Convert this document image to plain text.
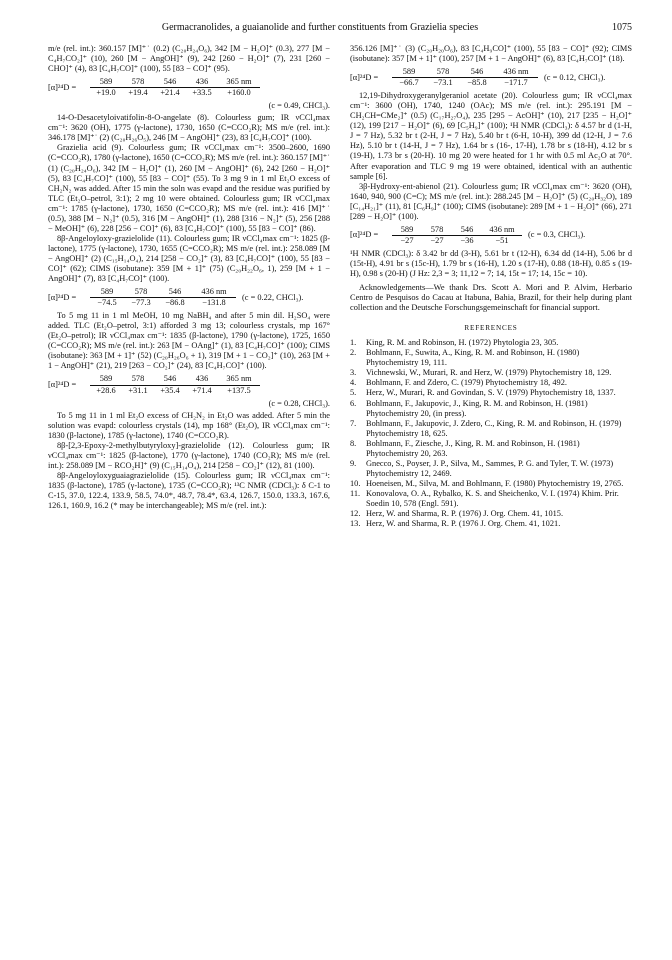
Germacranolides, a guaianolide and further constituents from Grazielia species	1075

m/e (rel. int.): 360.157 [M]⁺˙ (0.2) (C₂₀H₂₄O₆), 342 [M − H₂O]⁺ (0.3), 277 [M − C₄H₇CO₂]⁺ (10), 260 [M − AngOH]⁺ (9), 242 [260 − H₂O]⁺ (7), 231 [260 − CHO]⁺ (4), 83 [C₄H₇CO]⁺ (100), 55 [83 − CO]⁺ (95).

[α]²⁴D =
589	578	546	436	365 nm
+19.0	+19.4	+21.4	+33.5	+160.0

(c = 0.49, CHCl₃).

14-O-Desacetyloivatifolin-8-O-angelate (8). Colourless gum; IR νCCl₄max cm⁻¹: 3620 (OH), 1775 (γ-lactone), 1730, 1650 (C=CCO₂R); MS m/e (rel. int.): 346.178 [M]⁺˙ (2) (C₂₀H₂₆O₅), 246 [M − AngOH]⁺ (23), 83 [C₄H₇CO]⁺ (100).

Grazielia acid (9). Colourless gum; IR νCCl₄max cm⁻¹: 3500–2600, 1690 (C=CCO₂R), 1780 (γ-lactone), 1650 (C=CCO₂R); MS m/e (rel. int.): 360.157 [M]⁺˙ (1) (C₂₀H₂₄O₆), 342 [M − H₂O]⁺ (1), 260 [M − AngOH]⁺ (6), 242 [260 − H₂O]⁺ (5), 83 [C₄H₇CO]⁺ (100), 55 [83 − CO]⁺ (55). To 3 mg 9 in 1 ml Et₂O excess of CH₂N₂ was added. After 15 min the soln was evapd and the residue was purified by TLC (Et₂O–petrol, 3:1); 2 mg 10 were obtained. Colourless gum; IR νCCl₄max cm⁻¹: 1785 (γ-lactone), 1730, 1650 (C=CCO₂R); MS m/e (rel. int.): 416 [M]⁺˙ (0.5), 388 [M − N₂]⁺ (0.5), 316 [M − AngOH]⁺ (1), 288 [316 − N₂]⁺ (5), 256 [288 − MeOH]⁺ (6), 228 [256 − CO]⁺ (6), 83 [C₄H₇CO]⁺ (100), 55 [83 − CO]⁺ (86).

8β-Angeloyloxy-grazielolide (11). Colourless gum; IR νCCl₄max cm⁻¹: 1825 (β-lactone), 1775 (γ-lactone), 1730, 1655 (C=CCO₂R); MS m/e (rel. int.): 258.089 [M − AngOH]⁺ (2) (C₁₅H₁₄O₄), 214 [258 − CO₂]⁺ (3), 83 [C₄H₇CO]⁺ (100), 55 [83 − CO]⁺ (62); CIMS (isobutane): 359 [M + 1]⁺ (75) (C₂₀H₂₂O₆, 1), 259 [M + 1 − AngOH]⁺ (7), 83 [C₄H₇CO]⁺ (100).

[α]²⁴D =	589	578	546	436 nm
−74.5	−77.3	−86.8	−131.8 (c = 0.22, CHCl₃).

To 5 mg 11 in 1 ml MeOH, 10 mg NaBH₄ and after 5 min dil. H₂SO₄ were added. TLC (Et₂O–petrol, 3:1) afforded 3 mg 13; colourless crystals, mp 167° (Et₂O–petrol); IR νCCl₄max cm⁻¹: 1835 (β-lactone), 1790 (γ-lactone), 1725, 1650 (C=CCO₂R); MS m/e (rel. int.): 263 [M − OAng]⁺ (1), 83 [C₄H₇CO]⁺ (100); CIMS (isobutane): 363 [M + 1]⁺ (52) (C₂₀H₂₆O₆ + 1), 319 [M + 1 − CO₂]⁺ (10), 263 [M + 1 − AngOH]⁺ (21), 219 [263 − CO₂]⁺ (24), 83 [C₄H₇CO]⁺ (100).

[α]²⁴D =
589	578	546	436	365 nm
+28.6	+31.1	+35.4	+71.4	+137.5

(c = 0.28, CHCl₃).

To 5 mg 11 in 1 ml Et₂O excess of CH₂N₂ in Et₂O was added. After 5 min the solution was evapd: colourless crystals (14), mp 168° (Et₂O), IR νCCl₄max cm⁻¹: 1830 (β-lactone), 1785 (γ-lactone), 1740 (C=CCO₂R).

8β-[2,3-Epoxy-2-methylbutyryloxy]-grazielolide (12). Colourless gum; IR νCCl₄max cm⁻¹: 1825 (β-lactone), 1770 (γ-lactone), 1740 (CO₂R); MS m/e (rel. int.): 258.089 [M − RCO₂H]⁺ (9) (C₁₅H₁₄O₄), 214 [258 − CO₂]⁺ (12), 81 (100).

8β-Angeloyloxyguaiagrazielolide (15). Colourless gum; IR νCCl₄max cm⁻¹: 1835 (β-lactone), 1785 (γ-lactone), 1735 (C=CCO₂R); ¹³C NMR (CDCl₃): δ C-1 to C-15, 37.0, 122.4, 133.9, 58.5, 74.0*, 48.7, 78.4*, 63.4, 126.7, 150.0, 133.3, 167.6, 126.1, 160.9, 16.2 (* may be interchangeable); MS m/e (rel. int.):

356.126 [M]⁺˙ (3) (C₂₀H₂₀O₆), 83 [C₄H₉CO]⁺ (100), 55 [83 − CO]⁺ (92); CIMS (isobutane): 357 [M + 1]⁺ (100), 257 [M + 1 − AngOH]⁺ (6), 83 [C₄H₇CO]⁺ (18).

[α]²⁴D =	589	578	546	436 nm
−66.7	−73.1	−85.8	−171.7 (c = 0.12, CHCl₃).

12,19-Dihydroxygeranylgeraniol acetate (20). Colourless gum; IR νCCl₄max cm⁻¹: 3600 (OH), 1740, 1240 (OAc); MS m/e (rel. int.): 295.191 [M − CH₂CH=CMe₂]⁺ (0.5) (C₁₇H₂₇O₄), 235 [295 − AcOH]⁺ (10), 217 [235 − H₂O]⁺ (12), 199 [217 − H₂O]⁺ (6), 69 [C₅H₉]⁺ (100); ¹H NMR (CDCl₃): δ 4.57 br d (1-H, J = 7 Hz), 5.32 br t (2-H, J = 7 Hz), 5.40 br t (6-H, 10-H), 399 dd (12-H, J = 7.6 Hz), 5.10 br t (14-H, J = 7 Hz), 1.64 br s (16-, 17-H), 1.78 br s (18-H), 4.12 br s (19-H), 1.73 br s (20-H). 10 mg 20 were heated for 1 hr with 0.5 ml Ac₂O at 70°. After evaporation and TLC 9 mg 19 were obtained, identical with an authentic sample [6].

3β-Hydroxy-ent-abienol (21). Colourless gum; IR νCCl₄max cm⁻¹: 3620 (OH), 1640, 940, 900 (C=C); MS m/e (rel. int.): 288.245 [M − H₂O]⁺ (5) (C₂₀H₃₂O), 189 [C₁₄H₂₁]⁺ (11), 81 [C₆H₉]⁺ (100); CIMS (isobutane): 289 [M + 1 − H₂O]⁺ (66), 271 [289 − H₂O]⁺ (100).

[α]²⁴D =	589	578	546	436 nm
−27	−27	−36	−51 (c = 0.3, CHCl₃).

¹H NMR (CDCl₃): δ 3.42 br dd (3-H), 5.61 br t (12-H), 6.34 dd (14-H), 5.06 br d (15t-H), 4.91 br s (15c-H), 1.79 br s (16-H), 1.20 s (17-H), 0.88 (18-H), 0.85 s (19-H), 0.98 s (20-H) (J Hz: 2,3 = 3; 11,12 = 7; 14, 15t = 17; 14, 15c = 10).

Acknowledgements—We thank Drs. Scott A. Mori and P. Alvim, Herbario Centro de Pesquisos do Cacau at Itabuna, Bahia, Brazil, for their help during plant collection and the Deutsche Forschungsgemeinschaft for financial support.

REFERENCES
1.	King, R. M. and Robinson, H. (1972) Phytologia 23, 305.
2.	Bohlmann, F., Suwita, A., King, R. M. and Robinson, H. (1980) Phytochemistry 19, 111.
3.	Vichnewski, W., Murari, R. and Herz, W. (1979) Phytochemistry 18, 129.
4.	Bohlmann, F. and Zdero, C. (1979) Phytochemistry 18, 492.
5.	Herz, W., Murari, R. and Govindan, S. V. (1979) Phytochemistry 18, 1337.
6.	Bohlmann, F., Jakupovic, J., King, R. M. and Robinson, H. (1981) Phytochemistry 20, (in press).
7.	Bohlmann, F., Jakupovic, J. Zdero, C., King, R. M. and Robinson, H. (1979) Phytochemistry 18, 625.
8.	Bohlmann, F., Ziesche, J., King, R. M. and Robinson, H. (1981) Phytochemistry 20, 263.
9.	Gnecco, S., Poyser, J. P., Silva, M., Sammes, P. G. and Tyler, T. W. (1973) Phytochemistry 12, 2469.
10. Hoeneisen, M., Silva, M. and Bohlmann, F. (1980) Phytochemistry 19, 2765.
11. Konovalova, O. A., Rybalko, K. S. and Sheichenko, V. I. (1974) Khim. Prir. Soedin 10, 578 (Engl. 591).
12. Herz, W. and Sharma, R. P. (1976) J. Org. Chem. 41, 1015.
13. Herz, W. and Sharma, R. P. (1976 J. Org. Chem. 41, 1021.
